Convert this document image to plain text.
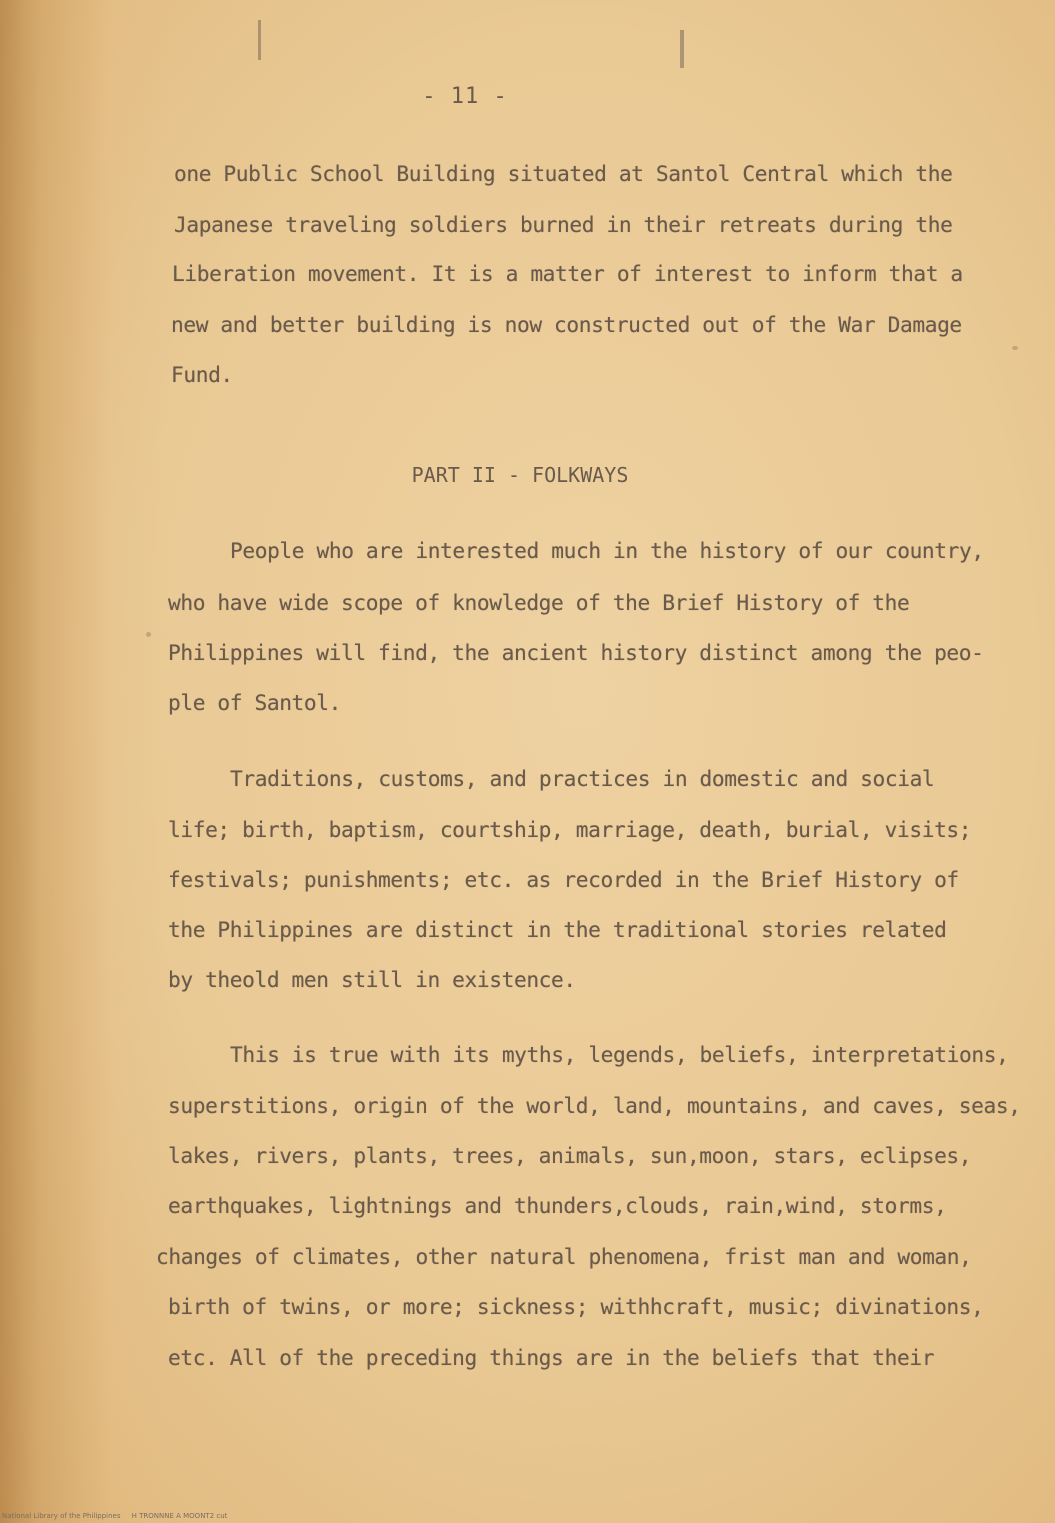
- 11 -
one Public School Building situated at Santol Central which the
Japanese traveling soldiers burned in their retreats during the
Liberation movement. It is a matter of interest to inform that a
new and better building is now constructed out of the War Damage
Fund.
PART II - FOLKWAYS
People who are interested much in the history of our country,
who have wide scope of knowledge of the Brief History of the
Philippines will find, the ancient history distinct among the peo-
ple of Santol.
Traditions, customs, and practices in domestic and social
life; birth, baptism, courtship, marriage, death, burial, visits;
festivals; punishments; etc. as recorded in the Brief History of
the Philippines are distinct in the traditional stories related
by theold men still in existence.
This is true with its myths, legends, beliefs, interpretations,
superstitions, origin of the world, land, mountains, and caves, seas,
lakes, rivers, plants, trees, animals, sun,moon, stars, eclipses,
earthquakes, lightnings and thunders,clouds, rain,wind, storms,
changes of climates, other natural phenomena, frist man and woman,
birth of twins, or more; sickness; withhcraft, music; divinations,
etc. All of the preceding things are in the beliefs that their
National Library of the Philippines     H TRONNNE A MOONT2 cut
